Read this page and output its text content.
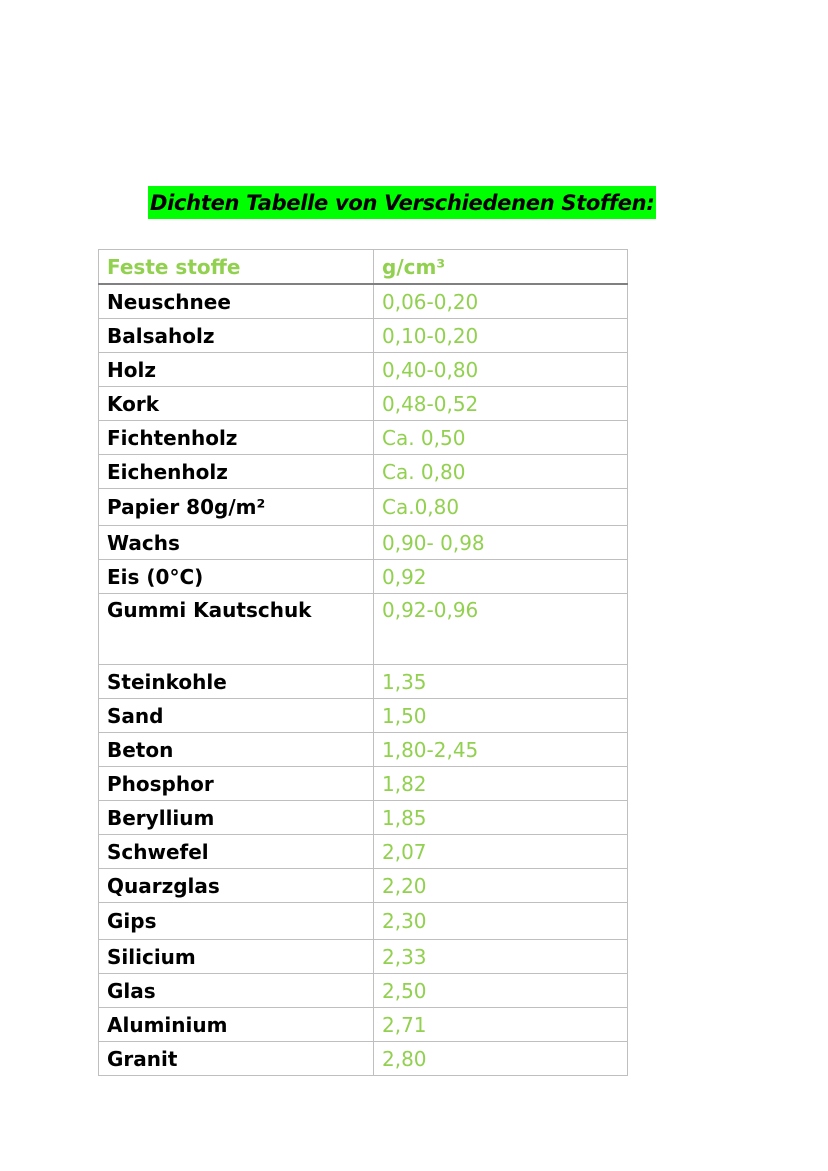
Dichten Tabelle von Verschiedenen Stoffen:
Feste stoffe	g/cm³
Neuschnee	0,06-0,20
Balsaholz	0,10-0,20
Holz	0,40-0,80
Kork	0,48-0,52
Fichtenholz	Ca. 0,50
Eichenholz	Ca. 0,80
Papier 80g/m²	Ca.0,80
Wachs	0,90- 0,98
Eis (0°C)	0,92
Gummi Kautschuk	0,92-0,96
Steinkohle	1,35
Sand	1,50
Beton	1,80-2,45
Phosphor	1,82
Beryllium	1,85
Schwefel	2,07
Quarzglas	2,20
Gips	2,30
Silicium	2,33
Glas	2,50
Aluminium	2,71
Granit	2,80
